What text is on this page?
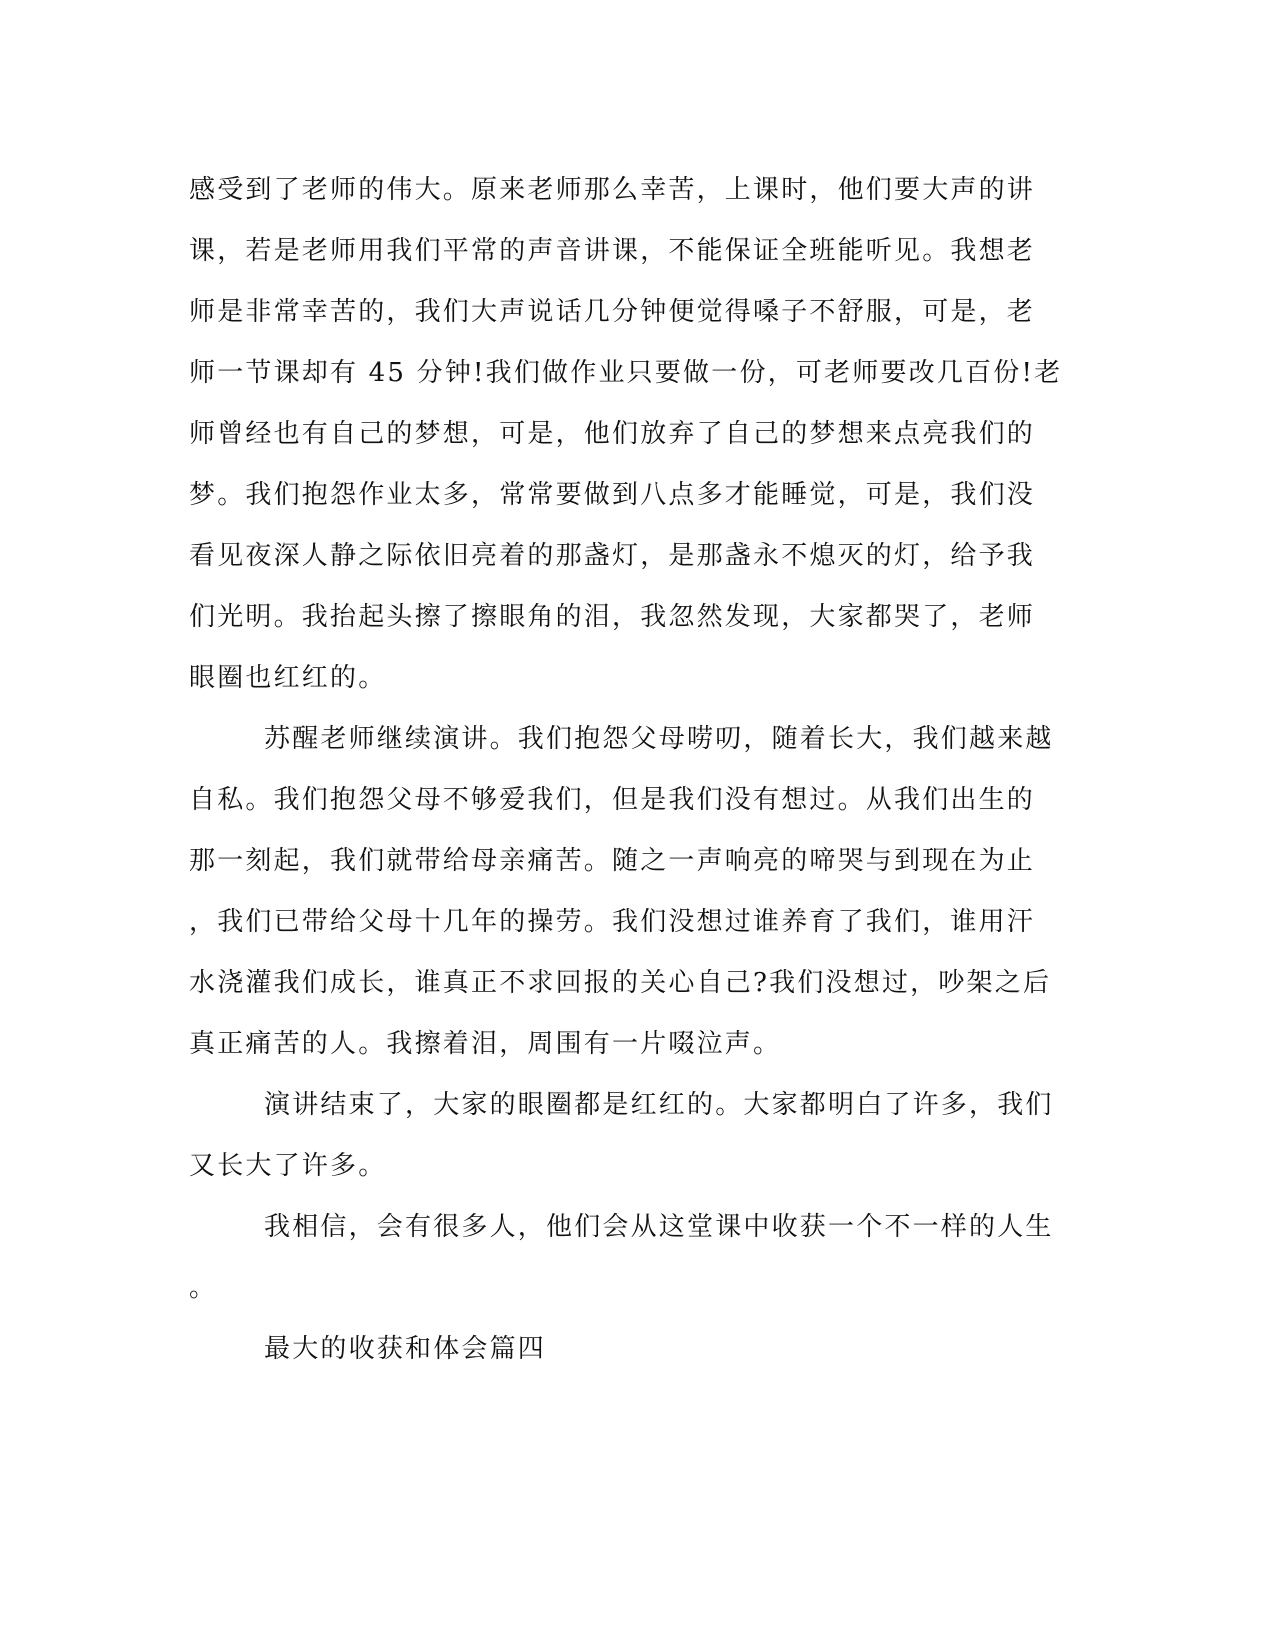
感受到了老师的伟大。原来老师那么幸苦，上课时，他们要大声的讲
课，若是老师用我们平常的声音讲课，不能保证全班能听见。我想老
师是非常幸苦的，我们大声说话几分钟便觉得嗓子不舒服，可是，老
师一节课却有 45 分钟!我们做作业只要做一份，可老师要改几百份!老
师曾经也有自己的梦想，可是，他们放弃了自己的梦想来点亮我们的
梦。我们抱怨作业太多，常常要做到八点多才能睡觉，可是，我们没
看见夜深人静之际依旧亮着的那盏灯，是那盏永不熄灭的灯，给予我
们光明。我抬起头擦了擦眼角的泪，我忽然发现，大家都哭了，老师
眼圈也红红的。
苏醒老师继续演讲。我们抱怨父母唠叨，随着长大，我们越来越
自私。我们抱怨父母不够爱我们，但是我们没有想过。从我们出生的
那一刻起，我们就带给母亲痛苦。随之一声响亮的啼哭与到现在为止
，我们已带给父母十几年的操劳。我们没想过谁养育了我们，谁用汗
水浇灌我们成长，谁真正不求回报的关心自己?我们没想过，吵架之后
真正痛苦的人。我擦着泪，周围有一片啜泣声。
演讲结束了，大家的眼圈都是红红的。大家都明白了许多，我们
又长大了许多。
我相信，会有很多人，他们会从这堂课中收获一个不一样的人生
。
最大的收获和体会篇四
